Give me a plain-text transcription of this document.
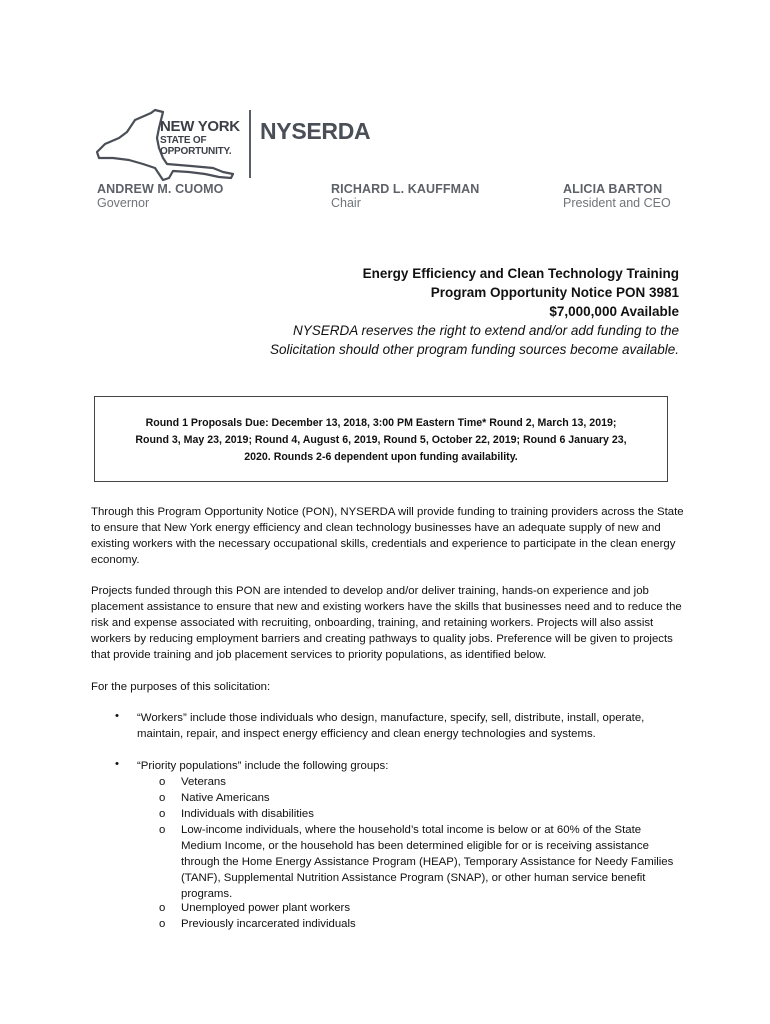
NEW YORK
STATE OF
OPPORTUNITY.
NYSERDA
ANDREW M. CUOMO
Governor
RICHARD L. KAUFFMAN
Chair
ALICIA BARTON
President and CEO
Energy Efficiency and Clean Technology Training
Program Opportunity Notice PON 3981
$7,000,000 Available
NYSERDA reserves the right to extend and/or add funding to the
Solicitation should other program funding sources become available.
Round 1 Proposals Due: December 13, 2018, 3:00 PM Eastern Time* Round 2, March 13, 2019;
Round 3, May 23, 2019; Round 4, August 6, 2019, Round 5, October 22, 2019; Round 6 January 23,
2020. Rounds 2-6 dependent upon funding availability.
Through this Program Opportunity Notice (PON), NYSERDA will provide funding to training providers across the State to ensure that New York energy efficiency and clean technology businesses have an adequate supply of new and existing workers with the necessary occupational skills, credentials and experience to participate in the clean energy economy.
Projects funded through this PON are intended to develop and/or deliver training, hands-on experience and job placement assistance to ensure that new and existing workers have the skills that businesses need and to reduce the risk and expense associated with recruiting, onboarding, training, and retaining workers. Projects will also assist workers by reducing employment barriers and creating pathways to quality jobs. Preference will be given to projects that provide training and job placement services to priority populations, as identified below.
For the purposes of this solicitation:
• “Workers” include those individuals who design, manufacture, specify, sell, distribute, install, operate, maintain, repair, and inspect energy efficiency and clean energy technologies and systems.
• “Priority populations” include the following groups:
o Veterans
o Native Americans
o Individuals with disabilities
o Low-income individuals, where the household’s total income is below or at 60% of the State Medium Income, or the household has been determined eligible for or is receiving assistance through the Home Energy Assistance Program (HEAP), Temporary Assistance for Needy Families (TANF), Supplemental Nutrition Assistance Program (SNAP), or other human service benefit programs.
o Unemployed power plant workers
o Previously incarcerated individuals
